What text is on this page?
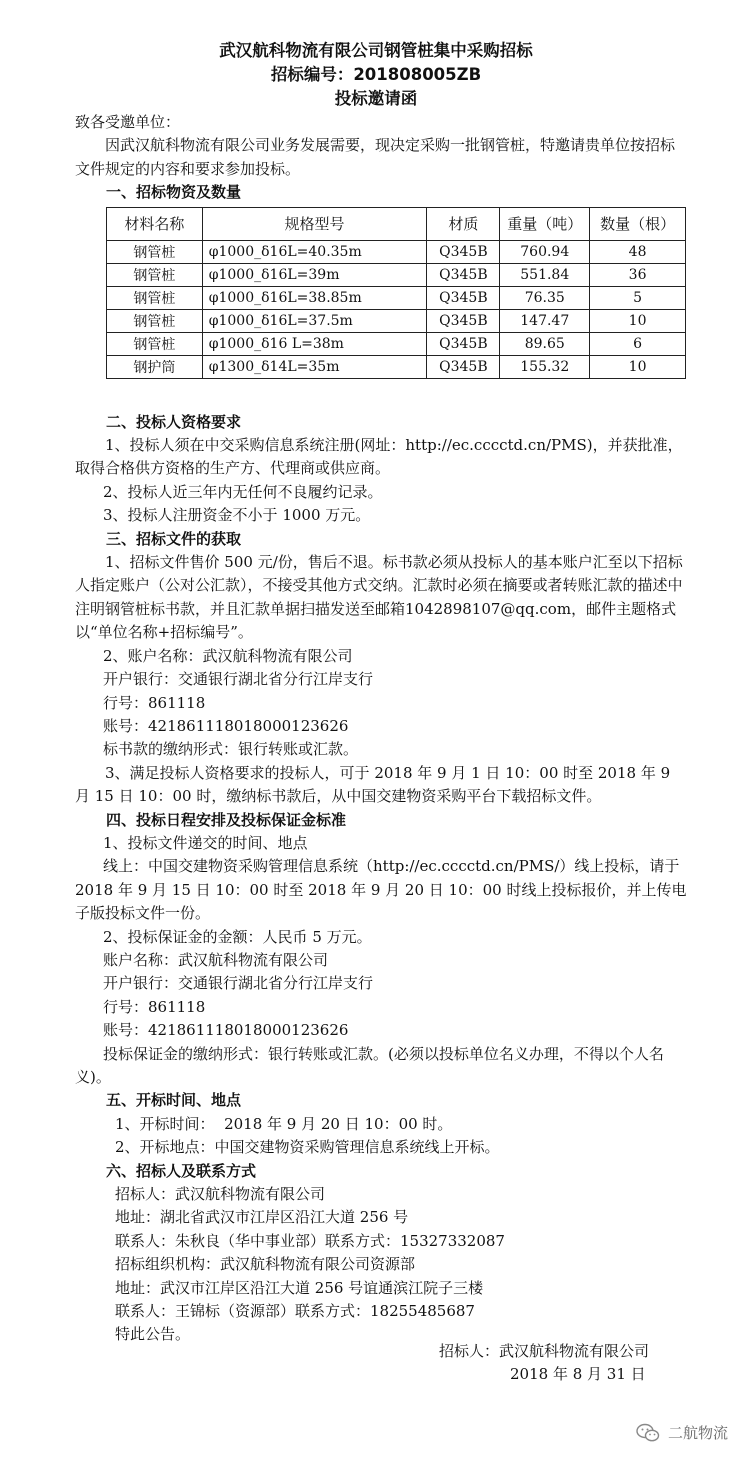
武汉航科物流有限公司钢管桩集中采购招标

招标编号：201808005ZB

投标邀请函

致各受邀单位：

因武汉航科物流有限公司业务发展需要，现决定采购一批钢管桩，特邀请贵单位按招标文件规定的内容和要求参加投标。

一、招标物资及数量

材料名称	规格型号	材质	重量（吨）	数量（根）
钢管桩	φ1000_δ16L=40.35m	Q345B	760.94	48
钢管桩	φ1000_δ16L=39m	Q345B	551.84	36
钢管桩	φ1000_δ16L=38.85m	Q345B	76.35	5
钢管桩	φ1000_δ16L=37.5m	Q345B	147.47	10
钢管桩	φ1000_δ16 L=38m	Q345B	89.65	6
钢护筒	φ1300_δ14L=35m	Q345B	155.32	10

二、投标人资格要求

1、投标人须在中交采购信息系统注册(网址：http://ec.cccctd.cn/PMS)，并获批准，取得合格供方资格的生产方、代理商或供应商。

2、投标人近三年内无任何不良履约记录。

3、投标人注册资金不小于 1000 万元。

三、招标文件的获取

1、招标文件售价 500 元/份，售后不退。标书款必须从投标人的基本账户汇至以下招标人指定账户（公对公汇款），不接受其他方式交纳。汇款时必须在摘要或者转账汇款的描述中注明钢管桩标书款，并且汇款单据扫描发送至邮箱1042898107@qq.com，邮件主题格式以“单位名称+招标编号”。

2、账户名称：武汉航科物流有限公司

开户银行：交通银行湖北省分行江岸支行

行号：861118

账号：421861118018000123626

标书款的缴纳形式：银行转账或汇款。

3、满足投标人资格要求的投标人，可于 2018 年 9 月 1 日 10：00 时至 2018 年 9 月 15 日 10：00 时，缴纳标书款后，从中国交建物资采购平台下载招标文件。

四、投标日程安排及投标保证金标准

1、投标文件递交的时间、地点

线上：中国交建物资采购管理信息系统（http://ec.cccctd.cn/PMS/）线上投标，请于 2018 年 9 月 15 日 10：00 时至 2018 年 9 月 20 日 10：00 时线上投标报价，并上传电子版投标文件一份。

2、投标保证金的金额：人民币 5 万元。

账户名称：武汉航科物流有限公司

开户银行：交通银行湖北省分行江岸支行

行号：861118

账号：421861118018000123626

投标保证金的缴纳形式：银行转账或汇款。(必须以投标单位名义办理，不得以个人名义)。

五、开标时间、地点

1、开标时间：  2018 年 9 月 20 日 10：00 时。

2、开标地点：中国交建物资采购管理信息系统线上开标。

六、招标人及联系方式

招标人：武汉航科物流有限公司

地址：湖北省武汉市江岸区沿江大道 256 号

联系人：朱秋良（华中事业部）联系方式：15327332087

招标组织机构：武汉航科物流有限公司资源部

地址：武汉市江岸区沿江大道 256 号谊通滨江院子三楼

联系人：王锦标（资源部）联系方式：18255485687

特此公告。

招标人：武汉航科物流有限公司

2018 年 8 月 31 日

二航物流
